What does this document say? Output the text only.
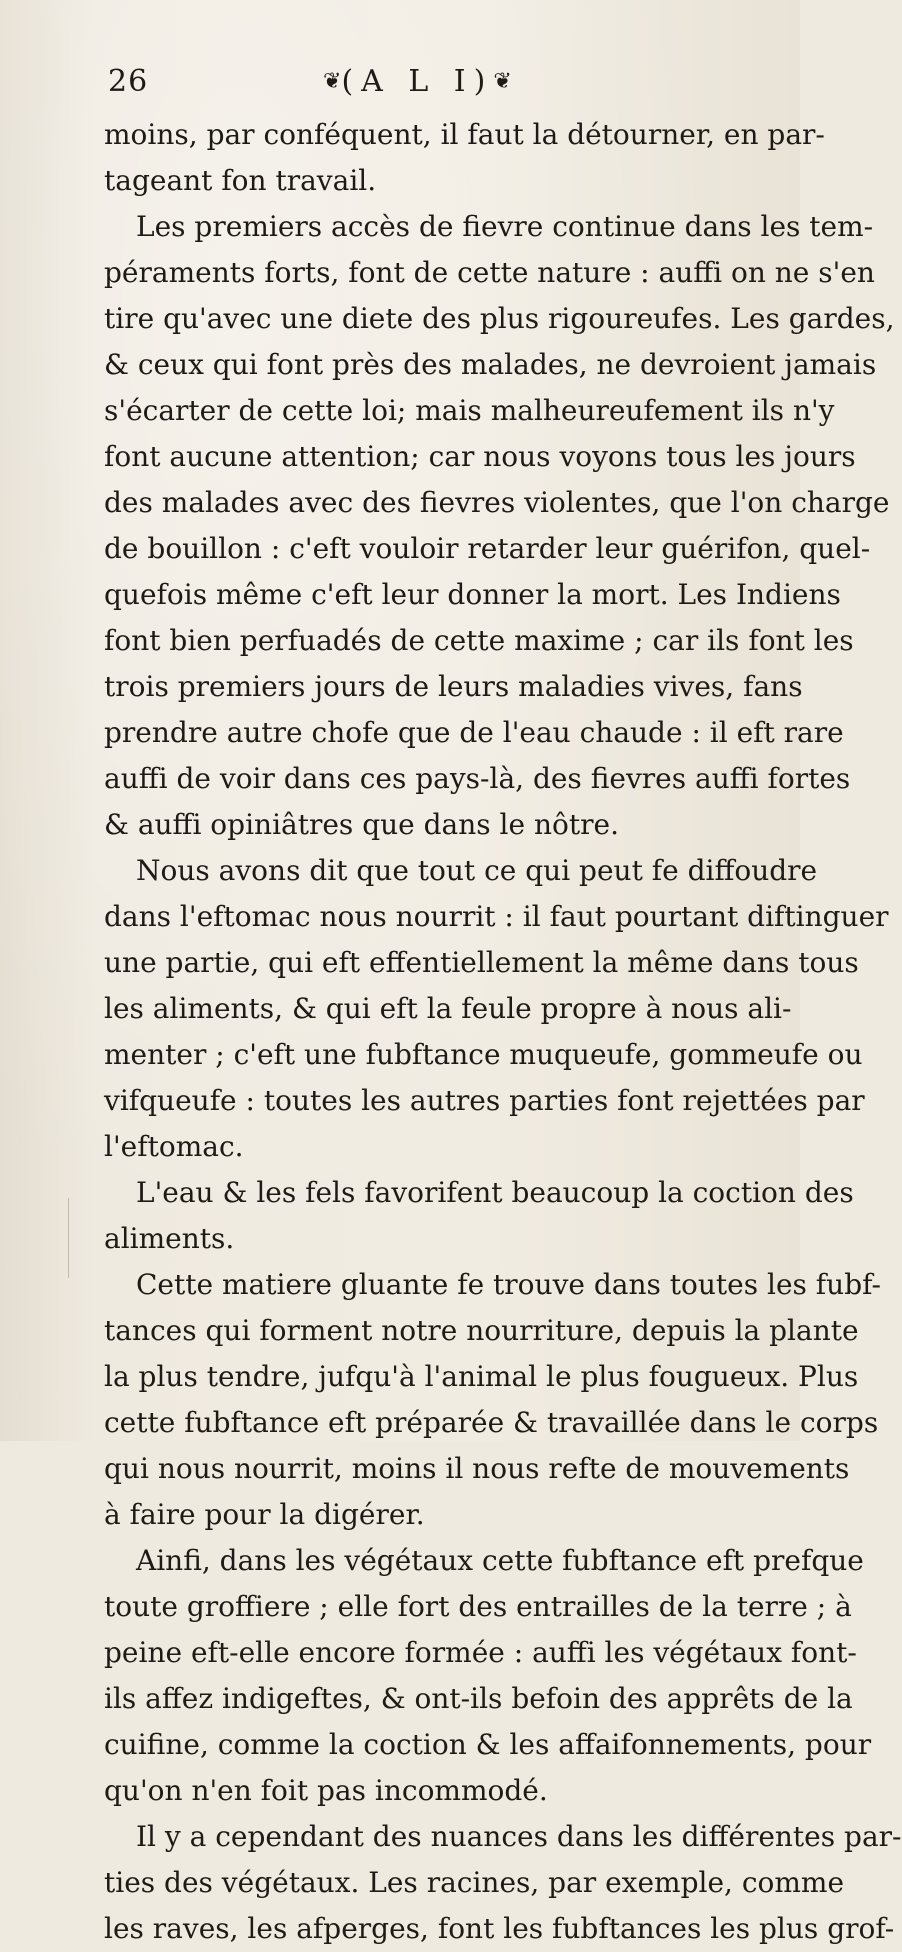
26	❦(A L I)❦
moins, par conféquent, il faut la détourner, en par-
tageant fon travail.
Les premiers accès de fievre continue dans les tem-
péraments forts, font de cette nature : auffi on ne s'en
tire qu'avec une diete des plus rigoureufes. Les gardes,
& ceux qui font près des malades, ne devroient jamais
s'écarter de cette loi; mais malheureufement ils n'y
font aucune attention; car nous voyons tous les jours
des malades avec des fievres violentes, que l'on charge
de bouillon : c'eft vouloir retarder leur guérifon, quel-
quefois même c'eft leur donner la mort. Les Indiens
font bien perfuadés de cette maxime ; car ils font les
trois premiers jours de leurs maladies vives, fans
prendre autre chofe que de l'eau chaude : il eft rare
auffi de voir dans ces pays-là, des fievres auffi fortes
& auffi opiniâtres que dans le nôtre.
Nous avons dit que tout ce qui peut fe diffoudre
dans l'eftomac nous nourrit : il faut pourtant diftinguer
une partie, qui eft effentiellement la même dans tous
les aliments, & qui eft la feule propre à nous ali-
menter ; c'eft une fubftance muqueufe, gommeufe ou
vifqueufe : toutes les autres parties font rejettées par
l'eftomac.
L'eau & les fels favorifent beaucoup la coction des
aliments.
Cette matiere gluante fe trouve dans toutes les fubf-
tances qui forment notre nourriture, depuis la plante
la plus tendre, jufqu'à l'animal le plus fougueux. Plus
cette fubftance eft préparée & travaillée dans le corps
qui nous nourrit, moins il nous refte de mouvements
à faire pour la digérer.
Ainfi, dans les végétaux cette fubftance eft prefque
toute groffiere ; elle fort des entrailles de la terre ; à
peine eft-elle encore formée : auffi les végétaux font-
ils affez indigeftes, & ont-ils befoin des apprêts de la
cuifine, comme la coction & les affaifonnements, pour
qu'on n'en foit pas incommodé.
Il y a cependant des nuances dans les différentes par-
ties des végétaux. Les racines, par exemple, comme
les raves, les afperges, font les fubftances les plus grof-
